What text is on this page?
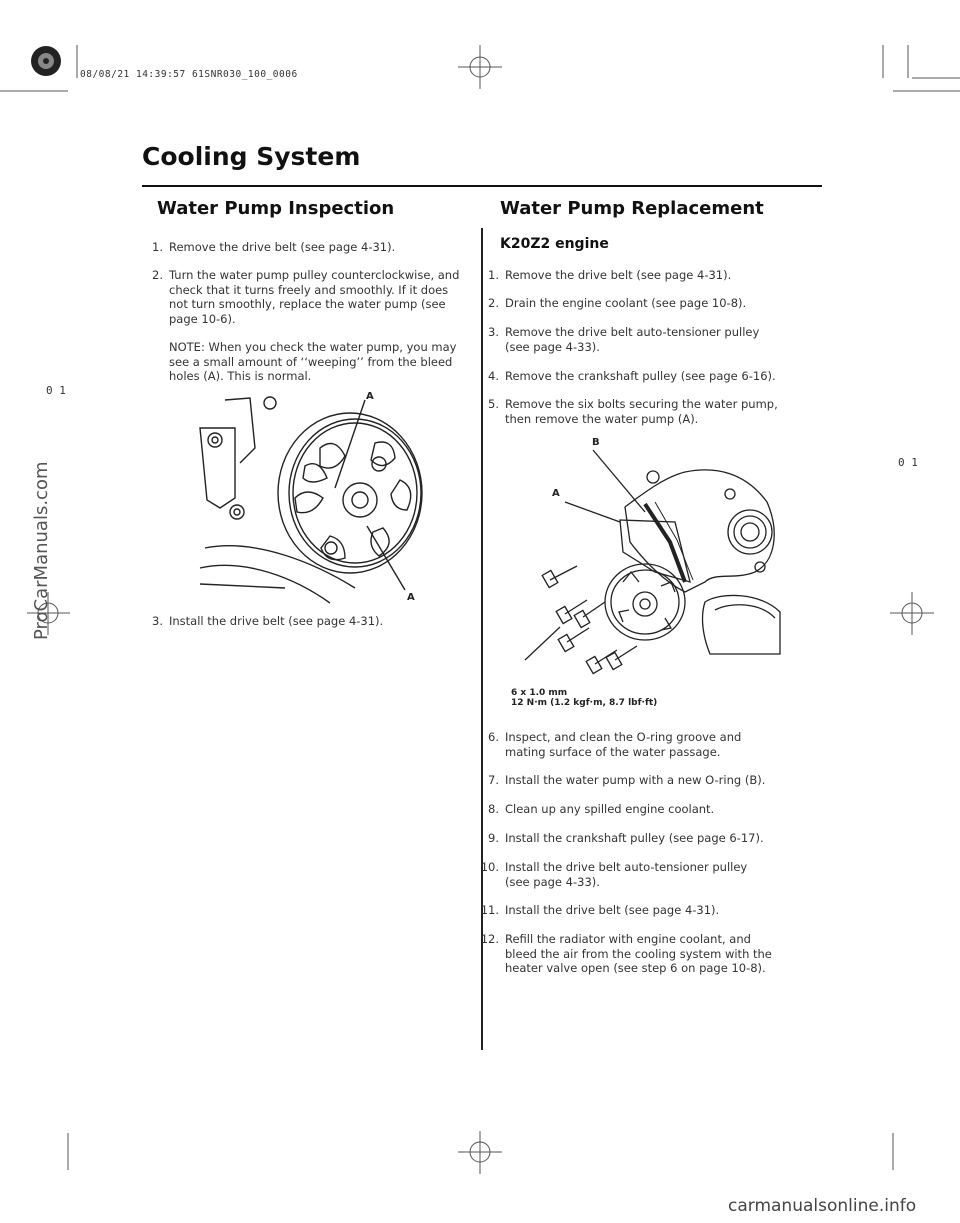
08/08/21 14:39:57 61SNR030_100_0006
ProCarManuals.com
0 1
0 1
Cooling System
Water Pump Inspection	Water Pump Replacement
1. Remove the drive belt (see page 4-31).
2. Turn the water pump pulley counterclockwise, and check that it turns freely and smoothly. If it does not turn smoothly, replace the water pump (see page 10-6).
NOTE: When you check the water pump, you may see a small amount of ‘‘weeping’’ from the bleed holes (A). This is normal.
A
A
3. Install the drive belt (see page 4-31).
K20Z2 engine
1. Remove the drive belt (see page 4-31).
2. Drain the engine coolant (see page 10-8).
3. Remove the drive belt auto-tensioner pulley (see page 4-33).
4. Remove the crankshaft pulley (see page 6-16).
5. Remove the six bolts securing the water pump, then remove the water pump (A).
B
A
6 x 1.0 mm
12 N·m (1.2 kgf·m, 8.7 lbf·ft)
6. Inspect, and clean the O-ring groove and mating surface of the water passage.
7. Install the water pump with a new O-ring (B).
8. Clean up any spilled engine coolant.
9. Install the crankshaft pulley (see page 6-17).
10. Install the drive belt auto-tensioner pulley (see page 4-33).
11. Install the drive belt (see page 4-31).
12. Refill the radiator with engine coolant, and bleed the air from the cooling system with the heater valve open (see step 6 on page 10-8).
carmanualsonline.info
